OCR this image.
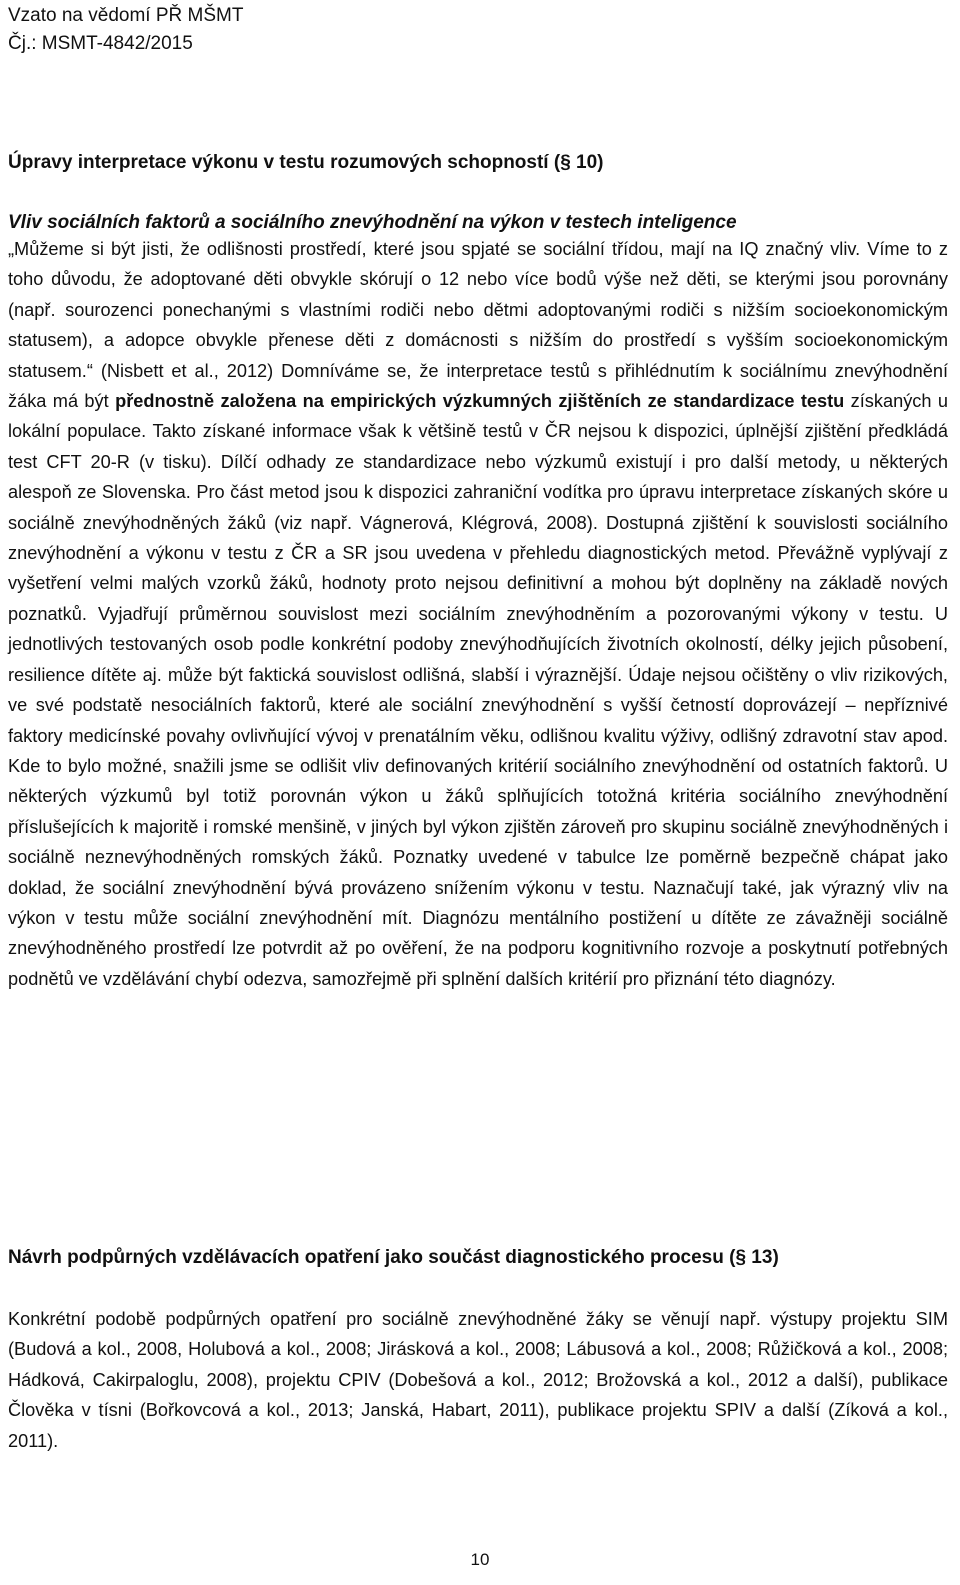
Vzato na vědomí PŘ MŠMT
Čj.: MSMT-4842/2015
Úpravy interpretace výkonu v testu rozumových schopností (§ 10)
Vliv sociálních faktorů a sociálního znevýhodnění na výkon v testech inteligence
„Můžeme si být jisti, že odlišnosti prostředí, které jsou spjaté se sociální třídou, mají na IQ značný vliv. Víme to z toho důvodu, že adoptované děti obvykle skórují o 12 nebo více bodů výše než děti, se kterými jsou porovnány (např. sourozenci ponechanými s vlastními rodiči nebo dětmi adoptovanými rodiči s nižším socioekonomickým statusem), a adopce obvykle přenese děti z domácnosti s nižším do prostředí s vyšším socioekonomickým statusem.“ (Nisbett et al., 2012) Domníváme se, že interpretace testů s přihlédnutím k sociálnímu znevýhodnění žáka má být přednostně založena na empirických výzkumných zjištěních ze standardizace testu získaných u lokální populace. Takto získané informace však k většině testů v ČR nejsou k dispozici, úplnější zjištění předkládá test CFT 20-R (v tisku). Dílčí odhady ze standardizace nebo výzkumů existují i pro další metody, u některých alespoň ze Slovenska. Pro část metod jsou k dispozici zahraniční vodítka pro úpravu interpretace získaných skóre u sociálně znevýhodněných žáků (viz např. Vágnerová, Klégrová, 2008). Dostupná zjištění k souvislosti sociálního znevýhodnění a výkonu v testu z ČR a SR jsou uvedena v přehledu diagnostických metod. Převážně vyplývají z vyšetření velmi malých vzorků žáků, hodnoty proto nejsou definitivní a mohou být doplněny na základě nových poznatků. Vyjadřují průměrnou souvislost mezi sociálním znevýhodněním a pozorovanými výkony v testu. U jednotlivých testovaných osob podle konkrétní podoby znevýhodňujících životních okolností, délky jejich působení, resilience dítěte aj. může být faktická souvislost odlišná, slabší i výraznější. Údaje nejsou očištěny o vliv rizikových, ve své podstatě nesociálních faktorů, které ale sociální znevýhodnění s vyšší četností doprovázejí – nepříznivé faktory medicínské povahy ovlivňující vývoj v prenatálním věku, odlišnou kvalitu výživy, odlišný zdravotní stav apod. Kde to bylo možné, snažili jsme se odlišit vliv definovaných kritérií sociálního znevýhodnění od ostatních faktorů. U některých výzkumů byl totiž porovnán výkon u žáků splňujících totožná kritéria sociálního znevýhodnění příslušejících k majoritě i romské menšině, v jiných byl výkon zjištěn zároveň pro skupinu sociálně znevýhodněných i sociálně neznevýhodněných romských žáků. Poznatky uvedené v tabulce lze poměrně bezpečně chápat jako doklad, že sociální znevýhodnění bývá provázeno snížením výkonu v testu. Naznačují také, jak výrazný vliv na výkon v testu může sociální znevýhodnění mít. Diagnózu mentálního postižení u dítěte ze závažněji sociálně znevýhodněného prostředí lze potvrdit až po ověření, že na podporu kognitivního rozvoje a poskytnutí potřebných podnětů ve vzdělávání chybí odezva, samozřejmě při splnění dalších kritérií pro přiznání této diagnózy.
Návrh podpůrných vzdělávacích opatření jako součást diagnostického procesu (§ 13)
Konkrétní podobě podpůrných opatření pro sociálně znevýhodněné žáky se věnují např. výstupy projektu SIM (Budová a kol., 2008, Holubová a kol., 2008; Jirásková a kol., 2008; Lábusová a kol., 2008; Růžičková a kol., 2008; Hádková, Cakirpaloglu, 2008), projektu CPIV (Dobešová a kol., 2012; Brožovská a kol., 2012 a další), publikace Člověka v tísni (Bořkovcová a kol., 2013; Janská, Habart, 2011), publikace projektu SPIV a další (Zíková a kol., 2011).
10
